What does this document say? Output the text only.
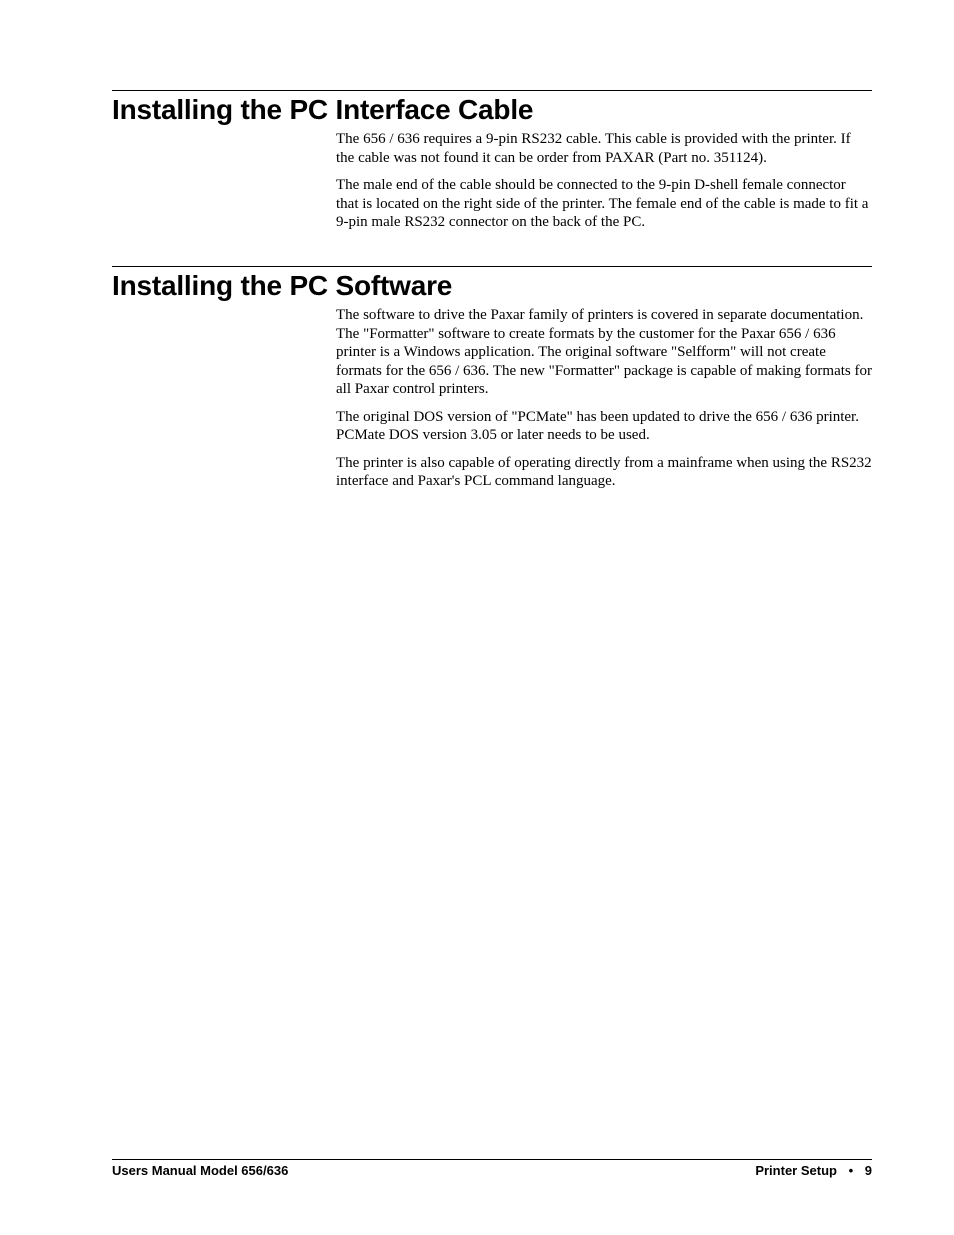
Installing the PC Interface Cable

The 656 / 636 requires a 9-pin RS232 cable. This cable is provided with the printer. If the cable was not found it can be order from PAXAR (Part no. 351124).

The male end of the cable should be connected to the 9-pin D-shell female connector that is located on the right side of the printer. The female end of the cable is made to fit a 9-pin male RS232 connector on the back of the PC.

Installing the PC Software

The software to drive the Paxar family of printers is covered in separate documentation. The "Formatter" software to create formats by the customer for the Paxar 656 / 636 printer is a Windows application. The original software "Selfform" will not create formats for the 656 / 636. The new "Formatter" package is capable of making formats for all Paxar control printers.

The original DOS version of "PCMate" has been updated to drive the 656 / 636 printer. PCMate DOS version 3.05 or later needs to be used.

The printer is also capable of operating directly from a mainframe when using the RS232 interface and Paxar's PCL command language.

Users Manual Model 656/636	Printer Setup • 9
